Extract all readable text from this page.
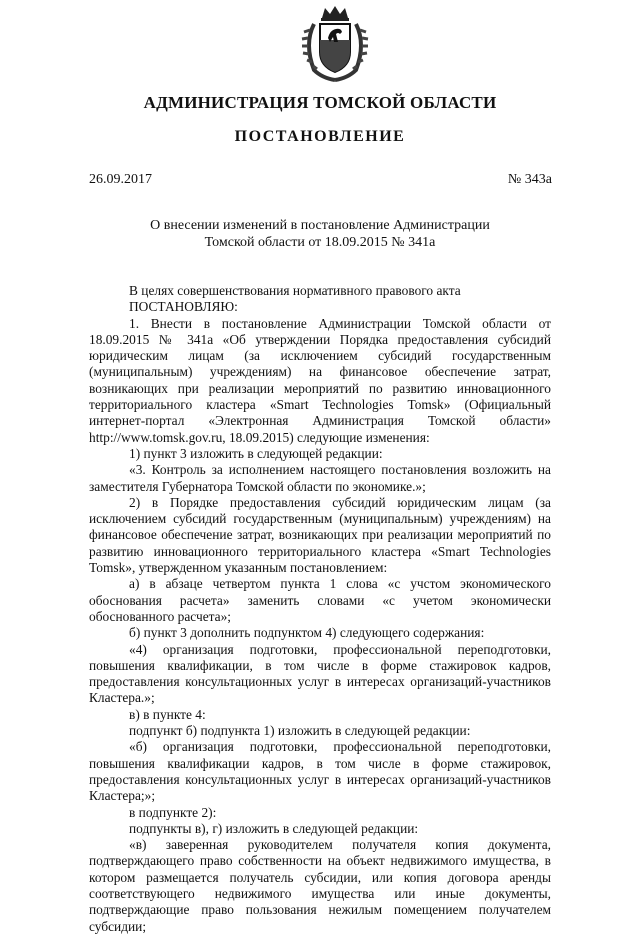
АДМИНИСТРАЦИЯ ТОМСКОЙ ОБЛАСТИ
ПОСТАНОВЛЕНИЕ
26.09.2017	№ 343а
О внесении изменений в постановление Администрации
Томской области от 18.09.2015 № 341а

В целях совершенствования нормативного правового акта

ПОСТАНОВЛЯЮ:

1. Внести в постановление Администрации Томской области от 18.09.2015 № 341а «Об утверждении Порядка предоставления субсидий юридическим лицам (за исключением субсидий государственным (муниципальным) учреждениям) на финансовое обеспечение затрат, возникающих при реализации мероприятий по развитию инновационного территориального кластера «Smart Technologies Tomsk» (Официальный интернет-портал «Электронная Администрация Томской области» http://www.tomsk.gov.ru, 18.09.2015) следующие изменения:

1) пункт 3 изложить в следующей редакции:

«3. Контроль за исполнением настоящего постановления возложить на заместителя Губернатора Томской области по экономике.»;

2) в Порядке предоставления субсидий юридическим лицам (за исключением субсидий государственным (муниципальным) учреждениям) на финансовое обеспечение затрат, возникающих при реализации мероприятий по развитию инновационного территориального кластера «Smart Technologies Tomsk», утвержденном указанным постановлением:

а) в абзаце четвертом пункта 1 слова «с учстом экономического обоснования расчета» заменить словами «с учетом экономически обоснованного расчета»;

б) пункт 3 дополнить подпунктом 4) следующего содержания:

«4) организация подготовки, профессиональной переподготовки, повышения квалификации, в том числе в форме стажировок кадров, предоставления консультационных услуг в интересах организаций-участников Кластера.»;

в) в пункте 4:

подпункт б) подпункта 1) изложить в следующей редакции:

«б) организация подготовки, профессиональной переподготовки, повышения квалификации кадров, в том числе в форме стажировок, предоставления консультационных услуг в интересах организаций-участников Кластера;»;

в подпункте 2):

подпункты в), г) изложить в следующей редакции:

«в) заверенная руководителем получателя копия документа, подтверждающего право собственности на объект недвижимого имущества, в котором размещается получатель субсидии, или копия договора аренды соответствующего недвижимого имущества или иные документы, подтверждающие право пользования нежилым помещением получателем субсидии;
